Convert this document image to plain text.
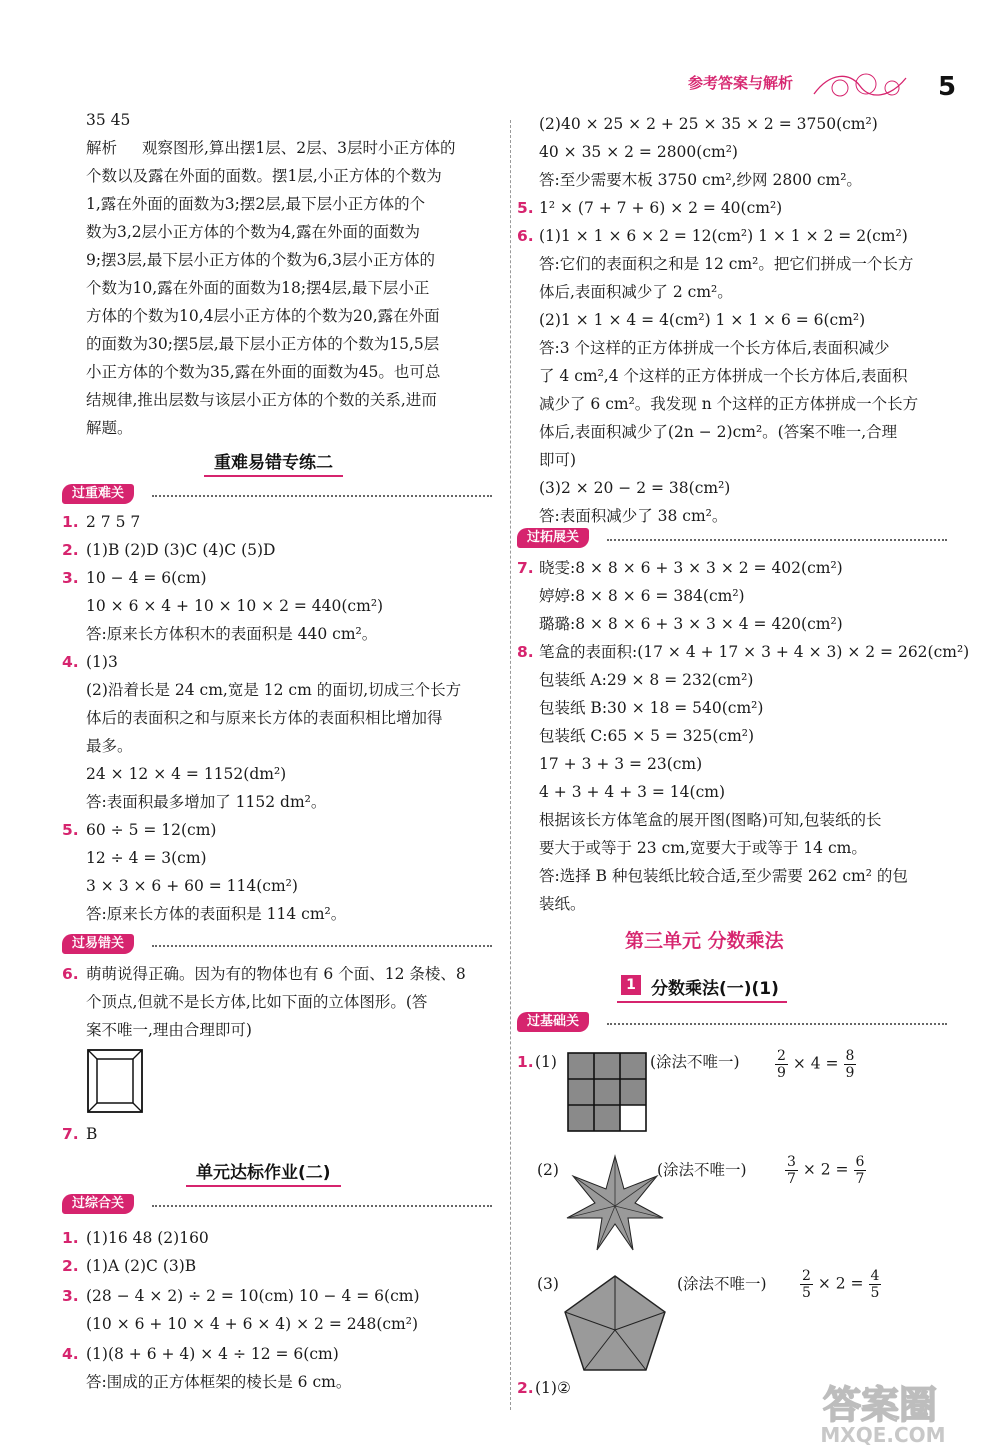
参考答案与解析	5
35 45
解析 观察图形,算出摆1层、2层、3层时小正方体的
个数以及露在外面的面数。摆1层,小正方体的个数为
1,露在外面的面数为3;摆2层,最下层小正方体的个
数为3,2层小正方体的个数为4,露在外面的面数为
9;摆3层,最下层小正方体的个数为6,3层小正方体的
个数为10,露在外面的面数为18;摆4层,最下层小正
方体的个数为10,4层小正方体的个数为20,露在外面
的面数为30;摆5层,最下层小正方体的个数为15,5层
小正方体的个数为35,露在外面的面数为45。也可总
结规律,推出层数与该层小正方体的个数的关系,进而
解题。
重难易错专练二
过重难关
1. 2 7 5 7
2. (1)B (2)D (3)C (4)C (5)D
3. 10 − 4 = 6(cm)
10 × 6 × 4 + 10 × 10 × 2 = 440(cm²)
答:原来长方体积木的表面积是 440 cm²。
4. (1)3
(2)沿着长是 24 cm,宽是 12 cm 的面切,切成三个长方
体后的表面积之和与原来长方体的表面积相比增加得
最多。
24 × 12 × 4 = 1152(dm²)
答:表面积最多增加了 1152 dm²。
5. 60 ÷ 5 = 12(cm)
12 ÷ 4 = 3(cm)
3 × 3 × 6 + 60 = 114(cm²)
答:原来长方体的表面积是 114 cm²。
过易错关
6. 萌萌说得正确。因为有的物体也有 6 个面、12 条棱、8
个顶点,但就不是长方体,比如下面的立体图形。(答
案不唯一,理由合理即可)
7. B
单元达标作业(二)
过综合关
1. (1)16 48 (2)160
2. (1)A (2)C (3)B
3. (28 − 4 × 2) ÷ 2 = 10(cm) 10 − 4 = 6(cm)
(10 × 6 + 10 × 4 + 6 × 4) × 2 = 248(cm²)
4. (1)(8 + 6 + 4) × 4 ÷ 12 = 6(cm)
答:围成的正方体框架的棱长是 6 cm。
(2)40 × 25 × 2 + 25 × 35 × 2 = 3750(cm²)
40 × 35 × 2 = 2800(cm²)
答:至少需要木板 3750 cm²,纱网 2800 cm²。
5. 1² × (7 + 7 + 6) × 2 = 40(cm²)
6. (1)1 × 1 × 6 × 2 = 12(cm²) 1 × 1 × 2 = 2(cm²)
答:它们的表面积之和是 12 cm²。把它们拼成一个长方
体后,表面积减少了 2 cm²。
(2)1 × 1 × 4 = 4(cm²) 1 × 1 × 6 = 6(cm²)
答:3 个这样的正方体拼成一个长方体后,表面积减少
了 4 cm²,4 个这样的正方体拼成一个长方体后,表面积
减少了 6 cm²。我发现 n 个这样的正方体拼成一个长方
体后,表面积减少了(2n − 2)cm²。(答案不唯一,合理
即可)
(3)2 × 20 − 2 = 38(cm²)
答:表面积减少了 38 cm²。
过拓展关
7. 晓雯:8 × 8 × 6 + 3 × 3 × 2 = 402(cm²)
婷婷:8 × 8 × 6 = 384(cm²)
璐璐:8 × 8 × 6 + 3 × 3 × 4 = 420(cm²)
8. 笔盒的表面积:(17 × 4 + 17 × 3 + 4 × 3) × 2 = 262(cm²)
包装纸 A:29 × 8 = 232(cm²)
包装纸 B:30 × 18 = 540(cm²)
包装纸 C:65 × 5 = 325(cm²)
17 + 3 + 3 = 23(cm)
4 + 3 + 4 + 3 = 14(cm)
根据该长方体笔盒的展开图(图略)可知,包装纸的长
要大于或等于 23 cm,宽要大于或等于 14 cm。
答:选择 B 种包装纸比较合适,至少需要 262 cm² 的包
装纸。
第三单元 分数乘法
1 分数乘法(一)(1)
过基础关
1. (1)	(涂法不唯一)	$\frac{2}{9} \times 4 = \frac{8}{9}$
(2)	(涂法不唯一)	$\frac{3}{7} \times 2 = \frac{6}{7}$
(3)	(涂法不唯一) $\frac{2}{5} \times 2 = \frac{4}{5}$
2. (1)②	答案圈
MXQE.COM
